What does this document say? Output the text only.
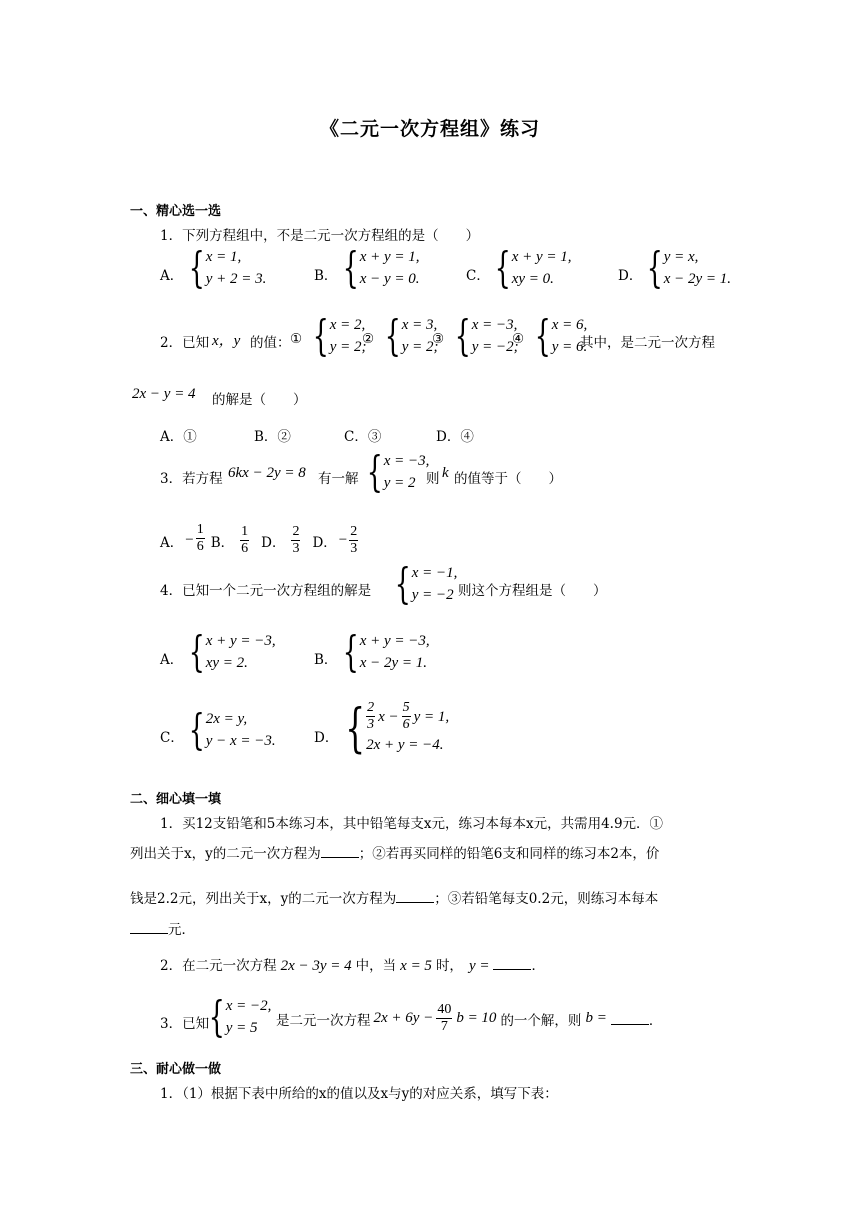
《二元一次方程组》练习
一、精心选一选
1．下列方程组中，不是二元一次方程组的是（　　）
A． { x = 1,
y + 2 = 3.	B． { x + y = 1,
x − y = 0.	C． { x + y = 1,
xy = 0.	D． { y = x,
x − 2y = 1.
2．已知 x，y 的值： ① { x = 2,
y = 2;
② { x = 3,
y = 2;
③ { x = −3,
y = −2;
④ { x = 6,
y = 6.
其中，是二元一次方程
2x − y = 4 的解是（　　）
A．①	B．②	C．③	D．④
3．若方程 6kx − 2y = 8 有一解 { x = −3,
y = 2 则 k 的值等于（　　）
A． − $\frac{1}{6}$ B． $\frac{1}{6}$ D． $\frac{2}{3}$ D． − $\frac{2}{3}$
4．已知一个二元一次方程组的解是 { x = −1,
y = −2 则这个方程组是（　　）
A． { x + y = −3,
xy = 2.	B． { x + y = −3,
x − 2y = 1.
C． { 2x = y,
y − x = −3.	D． { $\frac{2}{3}$ $x - \frac{5}{6}$ y = 1,
2x + y = −4.
二、细心填一填
1．买12支铅笔和5本练习本，其中铅笔每支x元，练习本每本x元，共需用4.9元．①
列出关于x，y的二元一次方程为	；②若再买同样的铅笔6支和同样的练习本2本，价
钱是2.2元，列出关于x，y的二元一次方程为	；③若铅笔每支0.2元，则练习本每本
元．
2．在二元一次方程 2x − 3y = 4 中，当 x = 5 时， y =	．
3．已知 { x = −2,
y = 5	是二元一次方程 $2x + 6y - \frac{40}{7}$ b = 10 的一个解，则 b =	．
三、耐心做一做
1．（1）根据下表中所给的x的值以及x与y的对应关系，填写下表：
